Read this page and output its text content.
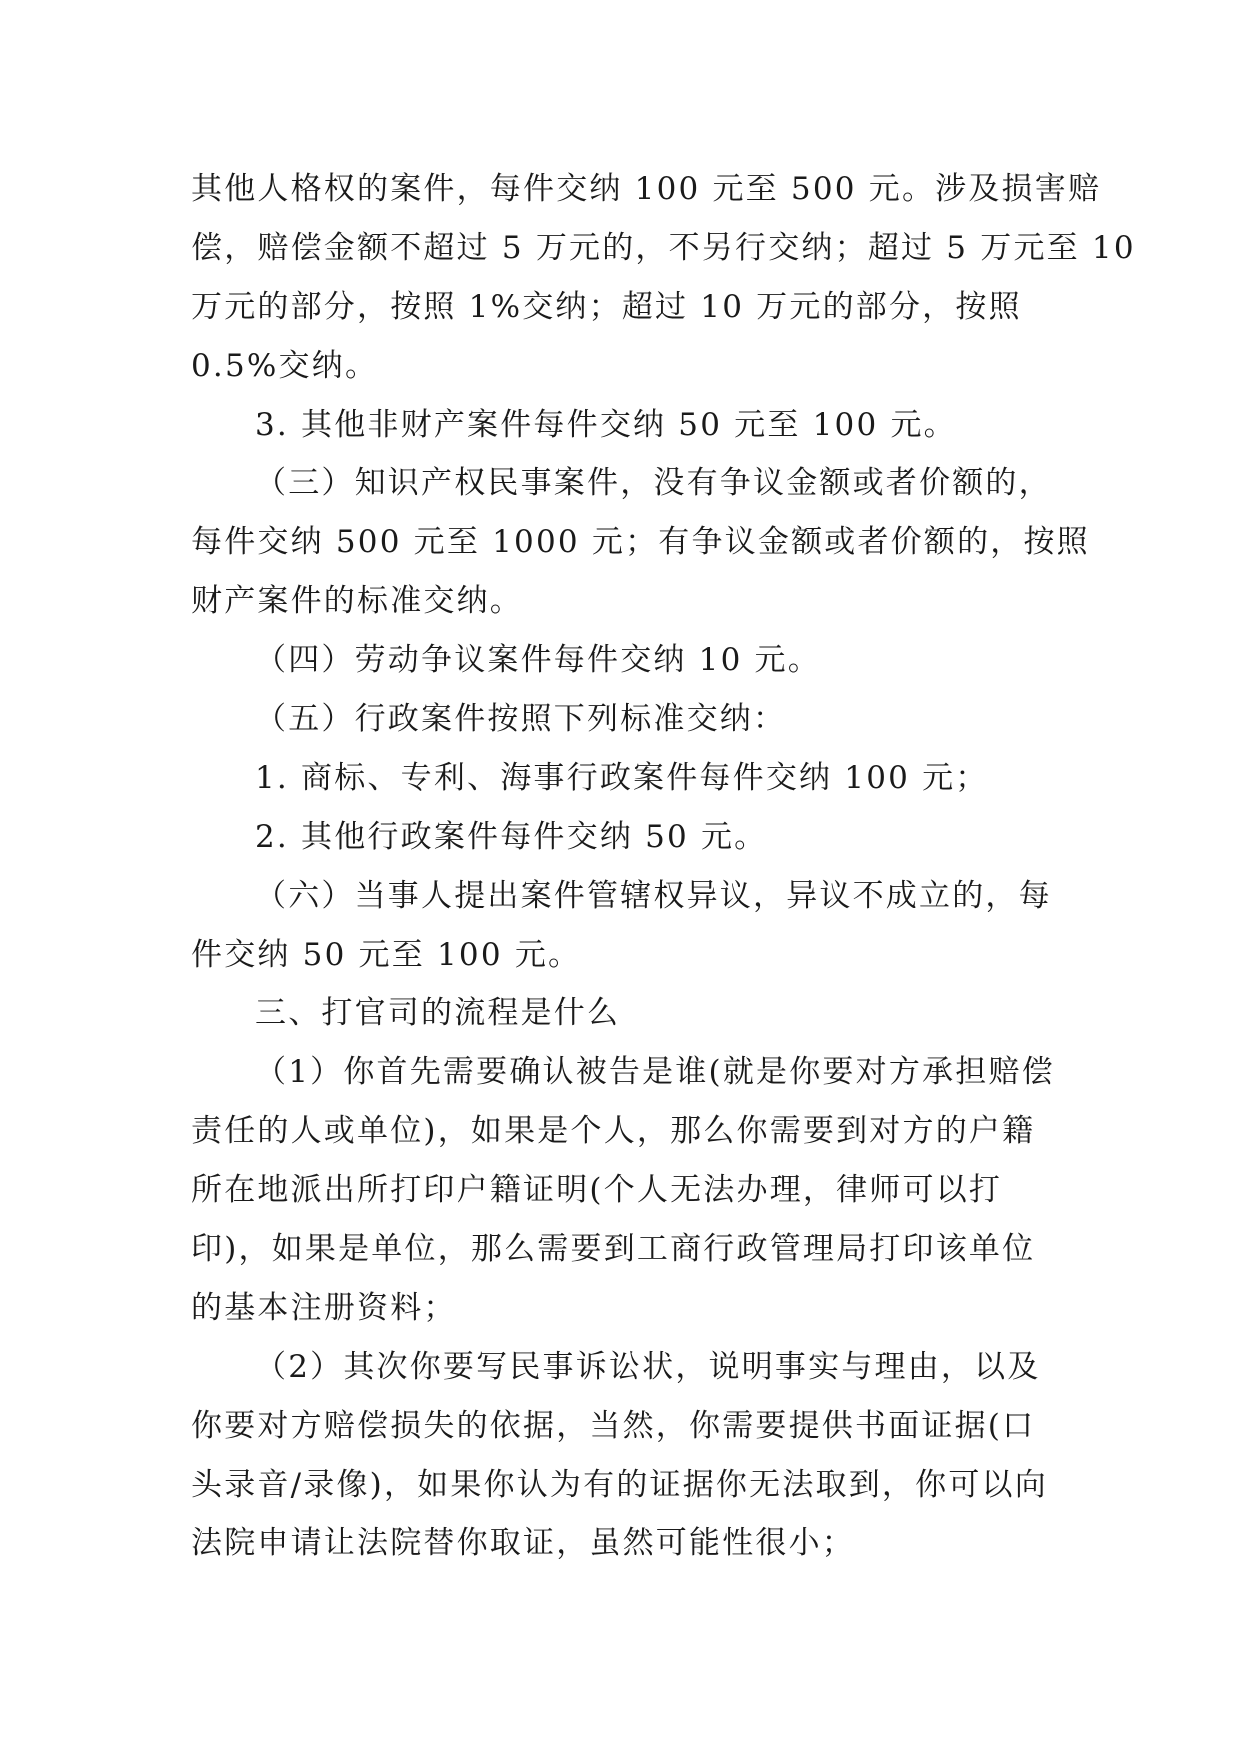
其他人格权的案件，每件交纳 100 元至 500 元。涉及损害赔
偿，赔偿金额不超过 5 万元的，不另行交纳；超过 5 万元至 10
万元的部分，按照 1%交纳；超过 10 万元的部分，按照
0.5%交纳。
3. 其他非财产案件每件交纳 50 元至 100 元。
（三）知识产权民事案件，没有争议金额或者价额的，
每件交纳 500 元至 1000 元；有争议金额或者价额的，按照
财产案件的标准交纳。
（四）劳动争议案件每件交纳 10 元。
（五）行政案件按照下列标准交纳：
1. 商标、专利、海事行政案件每件交纳 100 元；
2. 其他行政案件每件交纳 50 元。
（六）当事人提出案件管辖权异议，异议不成立的，每
件交纳 50 元至 100 元。
三、打官司的流程是什么
（1）你首先需要确认被告是谁(就是你要对方承担赔偿
责任的人或单位)，如果是个人，那么你需要到对方的户籍
所在地派出所打印户籍证明(个人无法办理，律师可以打
印)，如果是单位，那么需要到工商行政管理局打印该单位
的基本注册资料；
（2）其次你要写民事诉讼状，说明事实与理由，以及
你要对方赔偿损失的依据，当然，你需要提供书面证据(口
头录音/录像)，如果你认为有的证据你无法取到，你可以向
法院申请让法院替你取证，虽然可能性很小；
